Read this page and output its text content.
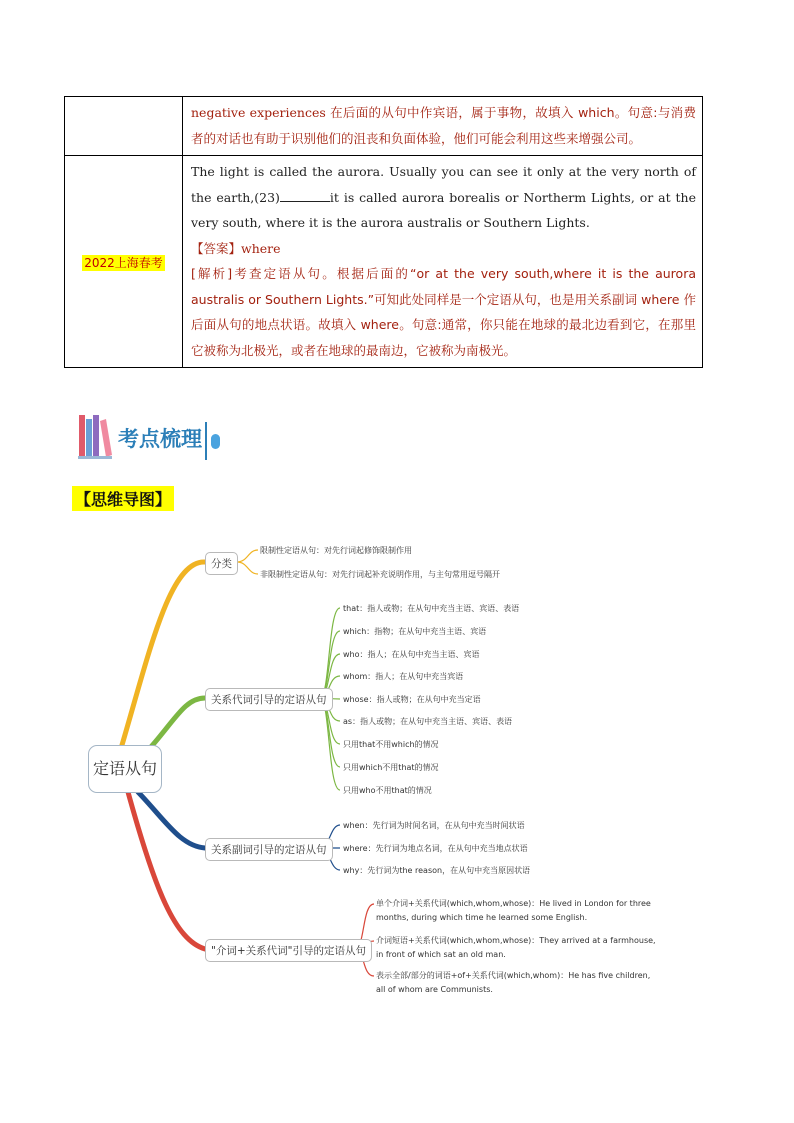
	negative experiences 在后面的从句中作宾语，属于事物，故填入 which。句意:与消费者的对话也有助于识别他们的沮丧和负面体验，他们可能会利用这些来增强公司。
2022上海春考	The light is called the aurora. Usually you can see it only at the very north of the earth,(23) it is called aurora borealis or Northerm Lights, or at the very south, where it is the aurora australis or Southern Lights.
【答案】where
[解析]考查定语从句。根据后面的“or at the very south,where it is the aurora australis or Southern Lights.”可知此处同样是一个定语从句，也是用关系副词 where 作后面从句的地点状语。故填入 where。句意:通常，你只能在地球的最北边看到它，在那里它被称为北极光，或者在地球的最南边，它被称为南极光。
考点梳理
【思维导图】
定语从句
分类
限制性定语从句：对先行词起修饰限制作用
非限制性定语从句：对先行词起补充说明作用，与主句常用逗号隔开
关系代词引导的定语从句
that：指人或物；在从句中充当主语、宾语、表语
which：指物；在从句中充当主语、宾语
who：指人；在从句中充当主语、宾语
whom：指人；在从句中充当宾语
whose：指人或物；在从句中充当定语
as：指人或物；在从句中充当主语、宾语、表语
只用that不用which的情况
只用which不用that的情况
只用who不用that的情况
关系副词引导的定语从句
when：先行词为时间名词，在从句中充当时间状语
where：先行词为地点名词，在从句中充当地点状语
why：先行词为the reason，在从句中充当原因状语
"介词+关系代词"引导的定语从句
单个介词+关系代词(which,whom,whose)：He lived in London for three months, during which time he learned some English.
介词短语+关系代词(which,whom,whose)：They arrived at a farmhouse, in front of which sat an old man.
表示全部/部分的词语+of+关系代词(which,whom)：He has five children, all of whom are Communists.
